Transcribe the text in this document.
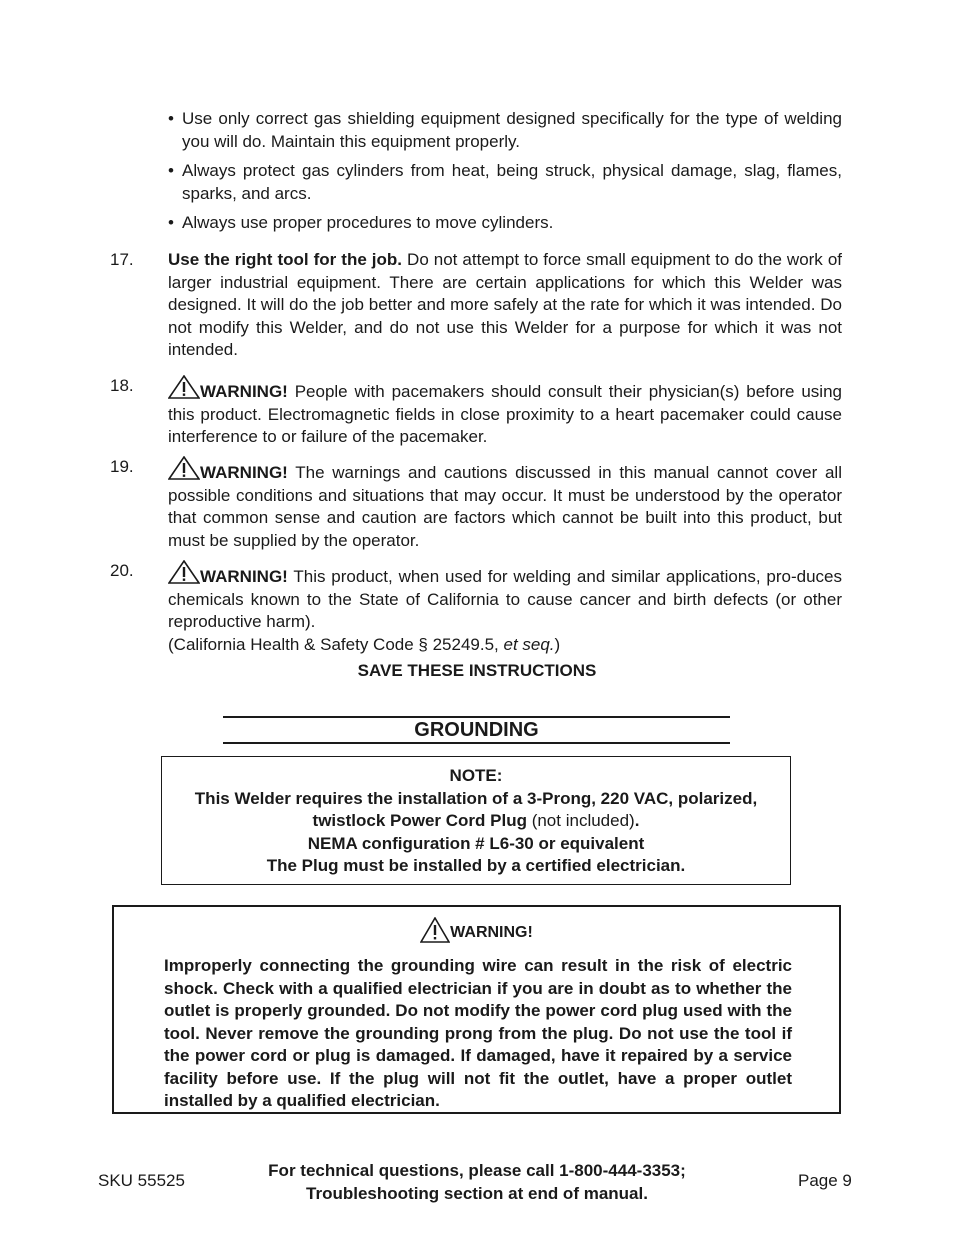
• Use only correct gas shielding equipment designed specifically for the type of welding you will do. Maintain this equipment properly.
• Always protect gas cylinders from heat, being struck, physical damage, slag, flames, sparks, and arcs.
• Always use proper procedures to move cylinders.
17. Use the right tool for the job. Do not attempt to force small equipment to do the work of larger industrial equipment. There are certain applications for which this Welder was designed. It will do the job better and more safely at the rate for which it was intended. Do not modify this Welder, and do not use this Welder for a purpose for which it was not intended.
18.	WARNING! People with pacemakers should consult their physician(s) before using this product. Electromagnetic fields in close proximity to a heart pacemaker could cause interference to or failure of the pacemaker.
19.	WARNING! The warnings and cautions discussed in this manual cannot cover all possible conditions and situations that may occur. It must be understood by the operator that common sense and caution are factors which cannot be built into this product, but must be supplied by the operator.
20.	WARNING! This product, when used for welding and similar applications, pro-duces chemicals known to the State of California to cause cancer and birth defects (or other reproductive harm).
(California Health & Safety Code § 25249.5, et seq.)
SAVE THESE INSTRUCTIONS
GROUNDING
NOTE:
This Welder requires the installation of a 3-Prong, 220 VAC, polarized,
twistlock Power Cord Plug (not included).
NEMA configuration # L6-30 or equivalent
The Plug must be installed by a certified electrician.
WARNING!
Improperly connecting the grounding wire can result in the risk of electric shock. Check with a qualified electrician if you are in doubt as to whether the outlet is properly grounded. Do not modify the power cord plug used with the tool. Never remove the grounding prong from the plug. Do not use the tool if the power cord or plug is damaged. If damaged, have it repaired by a service facility before use. If the plug will not fit the outlet, have a proper outlet installed by a qualified electrician.
SKU 55525
For technical questions, please call 1-800-444-3353;
Troubleshooting section at end of manual.
Page 9
